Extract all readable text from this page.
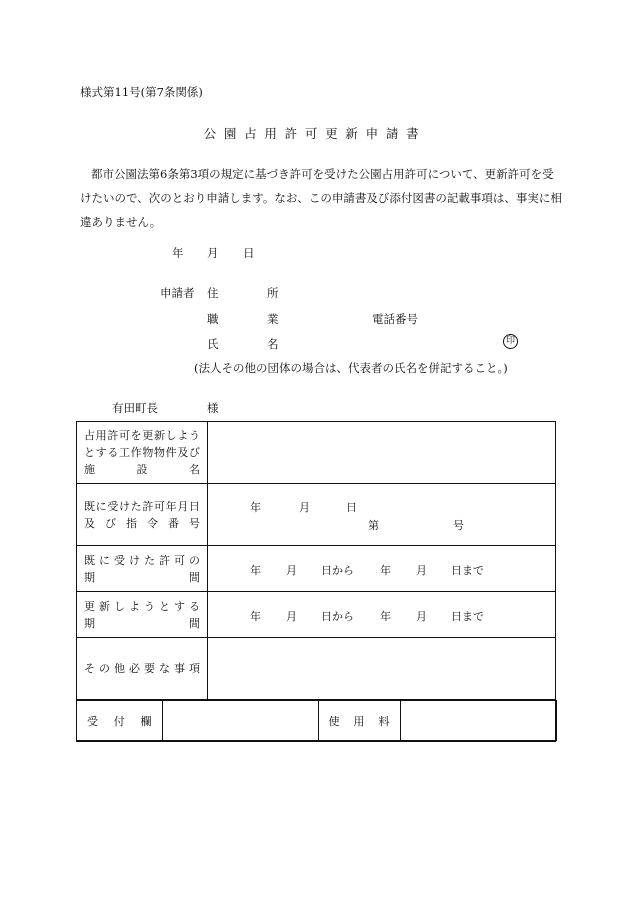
様式第11号(第7条関係)
公園占用許可更新申請書
都市公園法第6条第3項の規定に基づき許可を受けた公園占用許可について、更新許可を受けたいので、次のとおり申請します。なお、この申請書及び添付図書の記載事項は、事実に相違ありません。
年 月 日
申請者 住	所
職	業	電話番号
氏	名	印
(法人その他の団体の場合は、代表者の氏名を併記すること。)
有田町長	様
占用許可を更新しようとする工作物物件及び施設名	
既に受けた許可年月日及び指令番号	
年	月	日
第	号

既に受けた許可の
期間	年 月 日から 年 月 日まで

更新しようとする
期間	年 月 日から 年 月 日まで

その他必要な事項	

受付欄		使用料	
